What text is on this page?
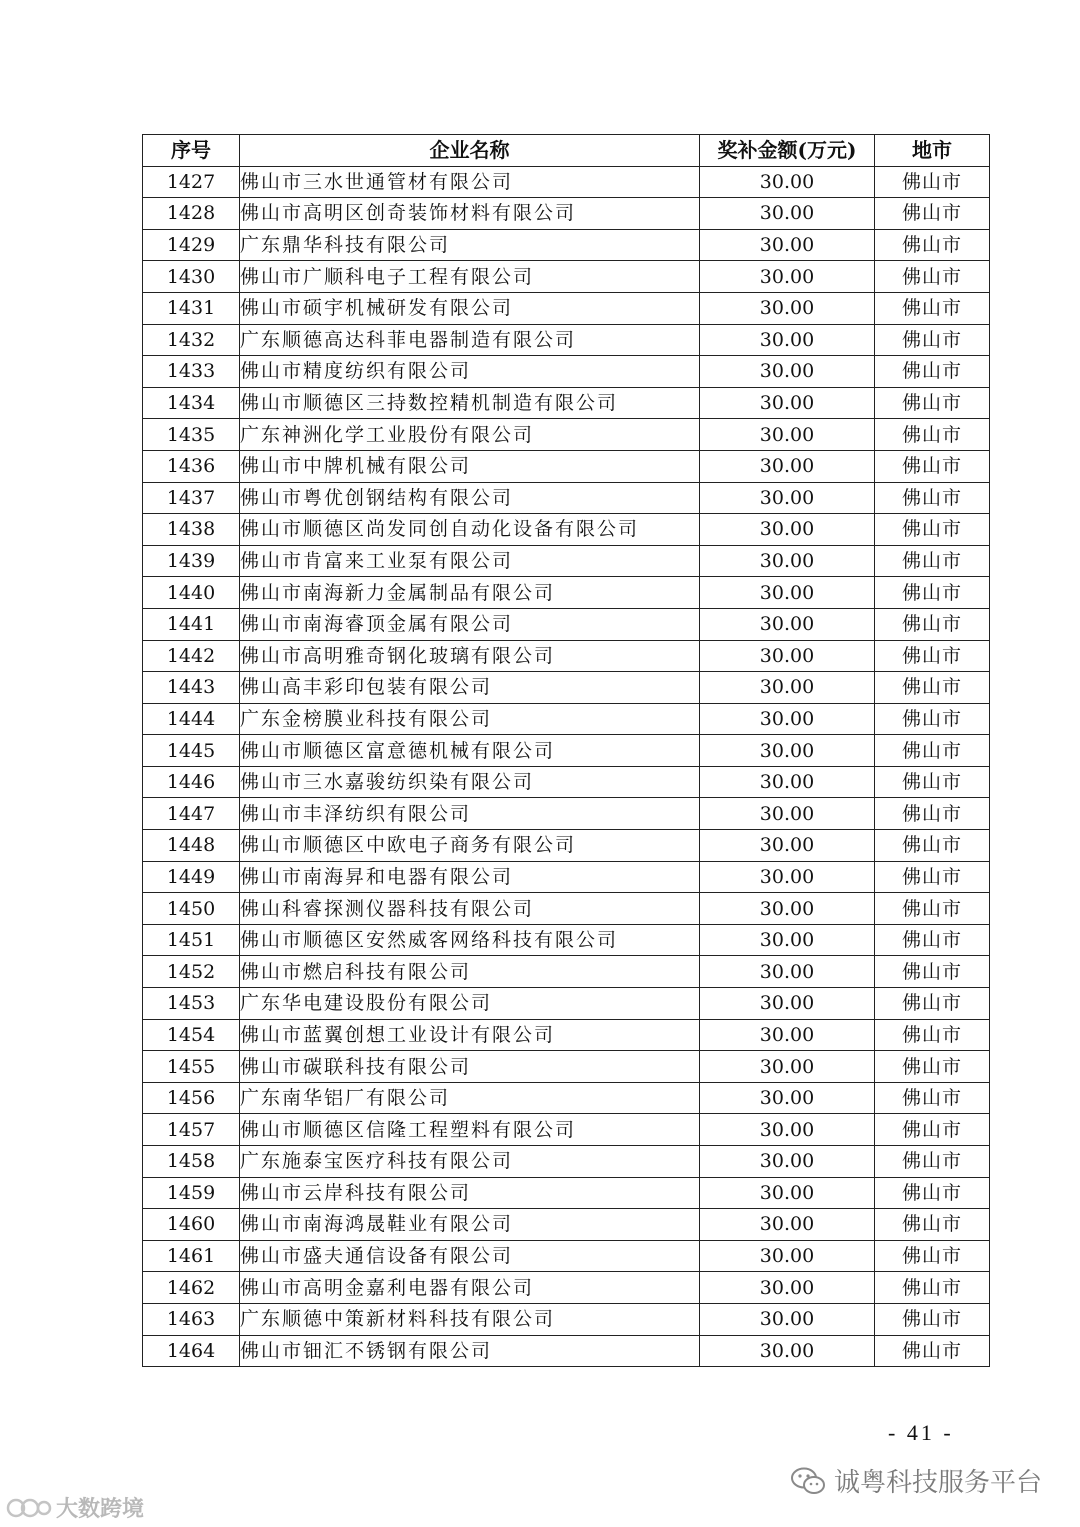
序号	企业名称	奖补金额(万元)	地市
1427	佛山市三水世通管材有限公司	30.00	佛山市
1428	佛山市高明区创奇装饰材料有限公司	30.00	佛山市
1429	广东鼎华科技有限公司	30.00	佛山市
1430	佛山市广顺科电子工程有限公司	30.00	佛山市
1431	佛山市硕宇机械研发有限公司	30.00	佛山市
1432	广东顺德高达科菲电器制造有限公司	30.00	佛山市
1433	佛山市精度纺织有限公司	30.00	佛山市
1434	佛山市顺德区三持数控精机制造有限公司	30.00	佛山市
1435	广东神洲化学工业股份有限公司	30.00	佛山市
1436	佛山市中牌机械有限公司	30.00	佛山市
1437	佛山市粤优创钢结构有限公司	30.00	佛山市
1438	佛山市顺德区尚发同创自动化设备有限公司	30.00	佛山市
1439	佛山市肯富来工业泵有限公司	30.00	佛山市
1440	佛山市南海新力金属制品有限公司	30.00	佛山市
1441	佛山市南海睿顶金属有限公司	30.00	佛山市
1442	佛山市高明雅奇钢化玻璃有限公司	30.00	佛山市
1443	佛山高丰彩印包装有限公司	30.00	佛山市
1444	广东金榜膜业科技有限公司	30.00	佛山市
1445	佛山市顺德区富意德机械有限公司	30.00	佛山市
1446	佛山市三水嘉骏纺织染有限公司	30.00	佛山市
1447	佛山市丰泽纺织有限公司	30.00	佛山市
1448	佛山市顺德区中欧电子商务有限公司	30.00	佛山市
1449	佛山市南海昇和电器有限公司	30.00	佛山市
1450	佛山科睿探测仪器科技有限公司	30.00	佛山市
1451	佛山市顺德区安然威客网络科技有限公司	30.00	佛山市
1452	佛山市燃启科技有限公司	30.00	佛山市
1453	广东华电建设股份有限公司	30.00	佛山市
1454	佛山市蓝翼创想工业设计有限公司	30.00	佛山市
1455	佛山市碳联科技有限公司	30.00	佛山市
1456	广东南华铝厂有限公司	30.00	佛山市
1457	佛山市顺德区信隆工程塑料有限公司	30.00	佛山市
1458	广东施泰宝医疗科技有限公司	30.00	佛山市
1459	佛山市云岸科技有限公司	30.00	佛山市
1460	佛山市南海鸿晟鞋业有限公司	30.00	佛山市
1461	佛山市盛夫通信设备有限公司	30.00	佛山市
1462	佛山市高明金嘉利电器有限公司	30.00	佛山市
1463	广东顺德中策新材料科技有限公司	30.00	佛山市
1464	佛山市钿汇不锈钢有限公司	30.00	佛山市
- 41 -
诚粤科技服务平台
大数跨境
